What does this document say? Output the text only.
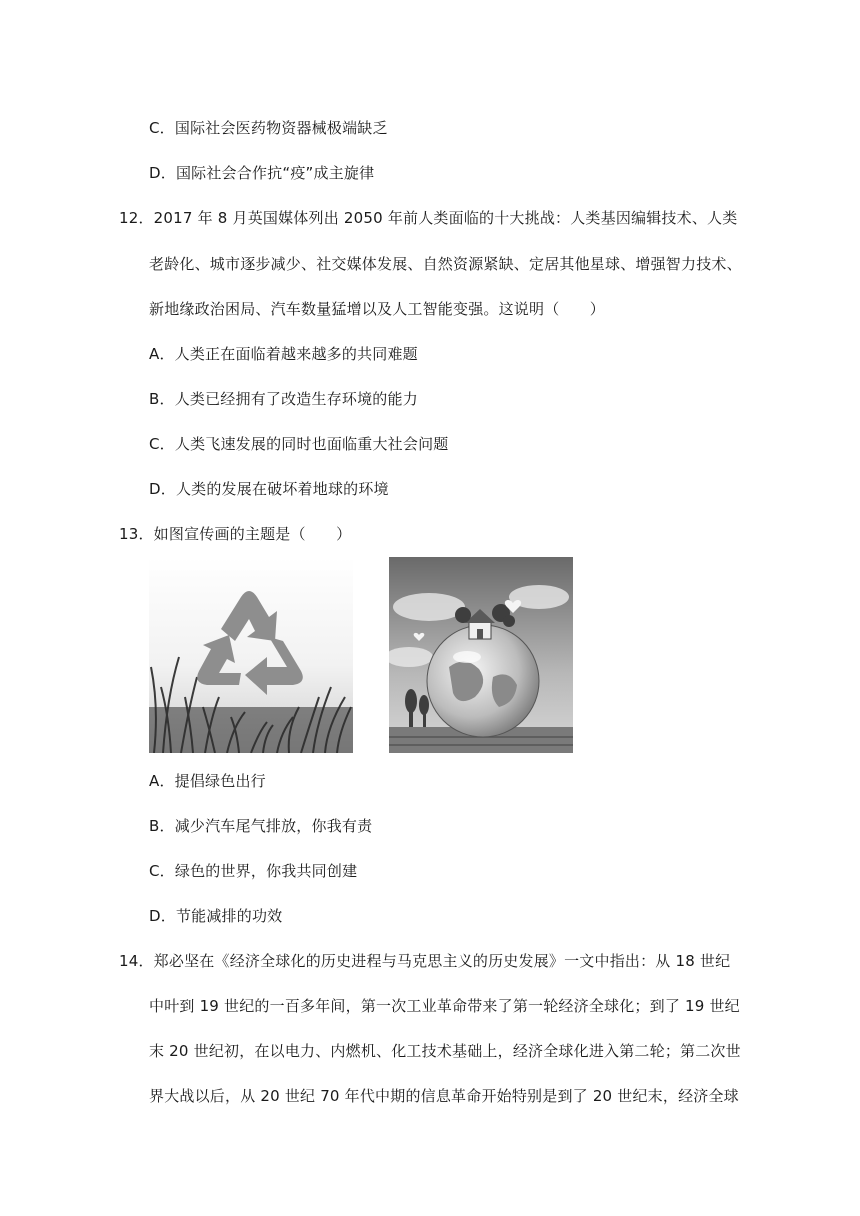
C．国际社会医药物资器械极端缺乏
D．国际社会合作抗“疫”成主旋律
12．2017 年 8 月英国媒体列出 2050 年前人类面临的十大挑战：人类基因编辑技术、人类
老龄化、城市逐步减少、社交媒体发展、自然资源紧缺、定居其他星球、增强智力技术、
新地缘政治困局、汽车数量猛增以及人工智能变强。这说明（　　）
A．人类正在面临着越来越多的共同难题
B．人类已经拥有了改造生存环境的能力
C．人类飞速发展的同时也面临重大社会问题
D．人类的发展在破坏着地球的环境
13．如图宣传画的主题是（　　）
A．提倡绿色出行
B．减少汽车尾气排放，你我有责
C．绿色的世界，你我共同创建
D．节能减排的功效
14．郑必坚在《经济全球化的历史进程与马克思主义的历史发展》一文中指出：从 18 世纪
中叶到 19 世纪的一百多年间，第一次工业革命带来了第一轮经济全球化；到了 19 世纪
末 20 世纪初，在以电力、内燃机、化工技术基础上，经济全球化进入第二轮；第二次世
界大战以后，从 20 世纪 70 年代中期的信息革命开始特别是到了 20 世纪末，经济全球
